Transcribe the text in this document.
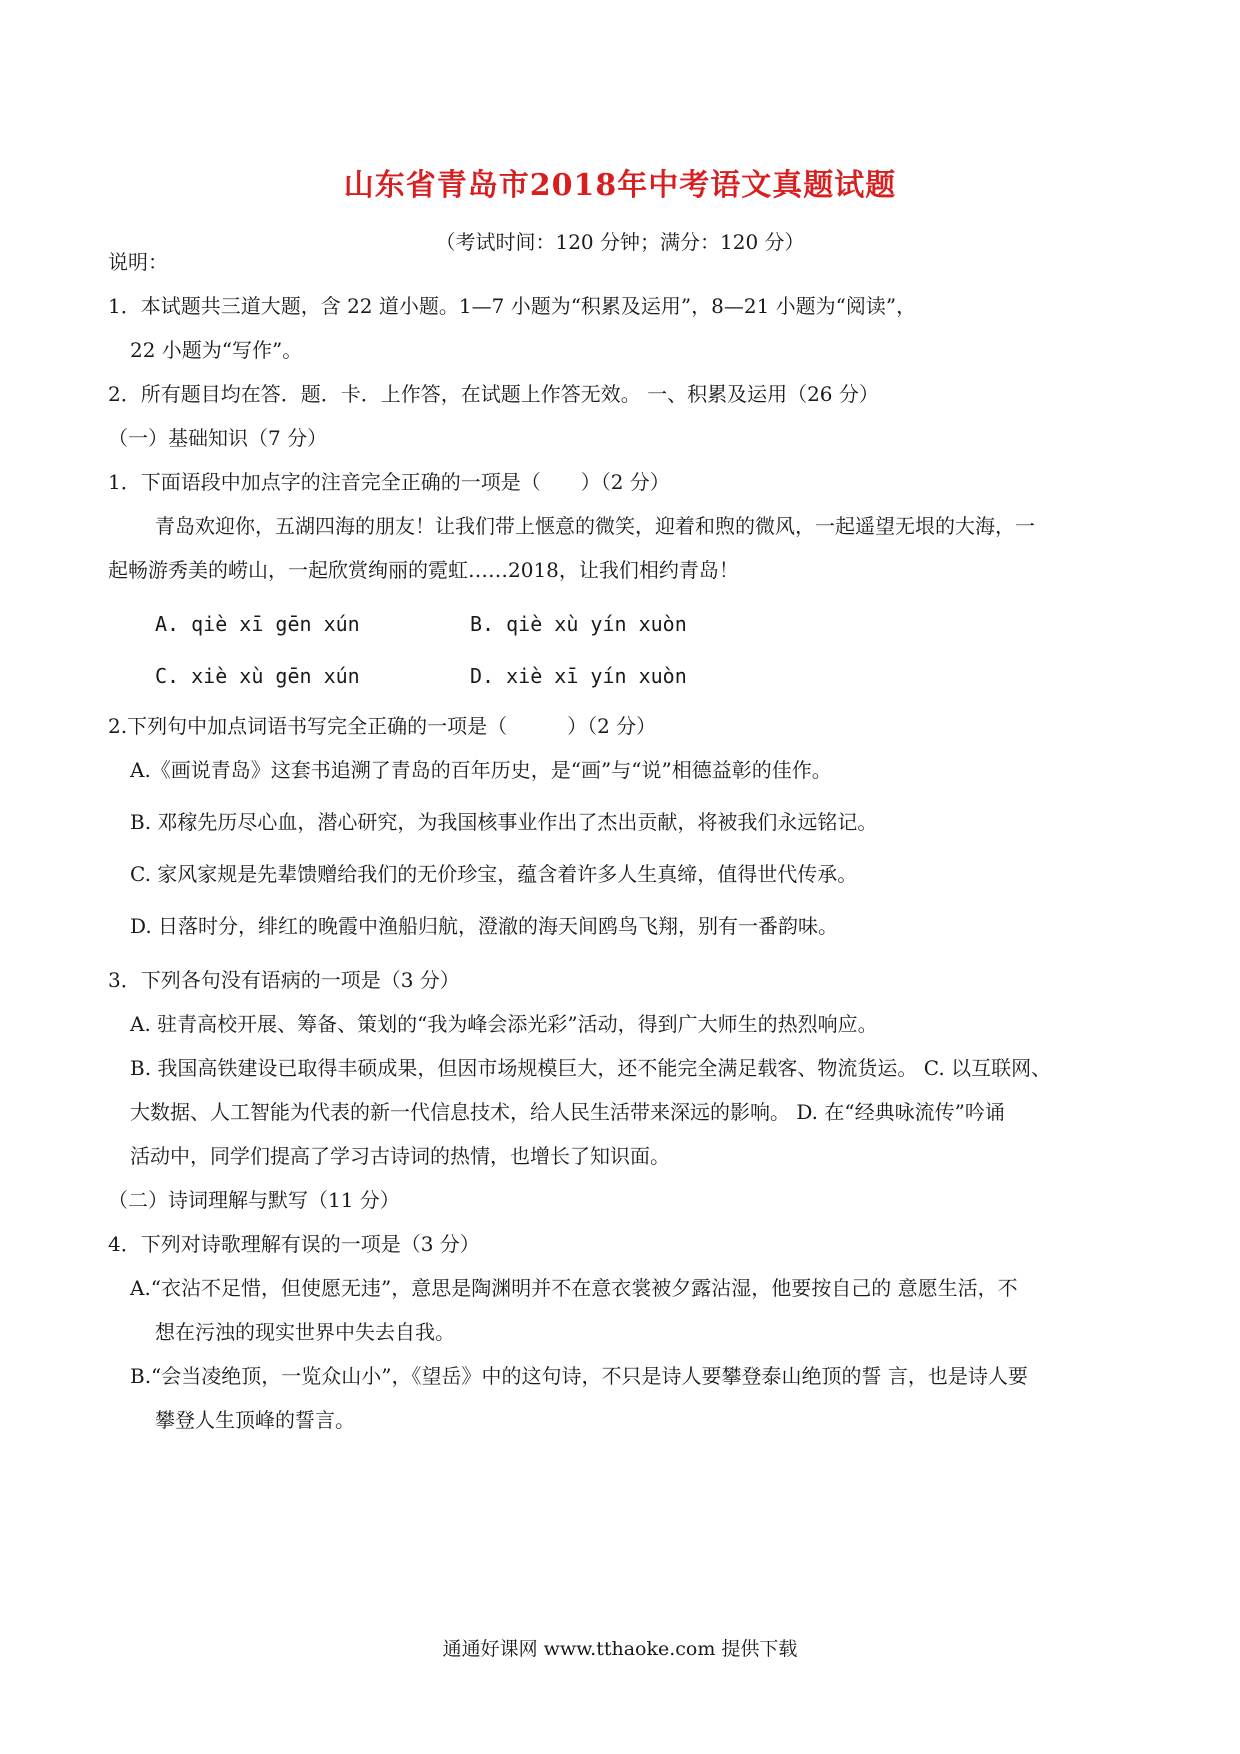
山东省青岛市2018年中考语文真题试题
（考试时间：120 分钟；满分：120 分）
说明：
1．本试题共三道大题，含 22 道小题。1—7 小题为“积累及运用”，8—21 小题为“阅读”，
22 小题为“写作”。
2．所有题目均在答．题．卡．上作答，在试题上作答无效。 一、积累及运用（26 分）
（一）基础知识（7 分）
1．下面语段中加点字的注音完全正确的一项是（　　）（2 分）
青岛欢迎你，五湖四海的朋友！让我们带上惬意的微笑，迎着和煦的微风，一起遥望无垠的大海，一
起畅游秀美的崂山，一起欣赏绚丽的霓虹……2018，让我们相约青岛！
A. qiè xī gēn xún	B. qiè xù yín xuòn
C. xiè xù gēn xún	D. xiè xī yín xuòn
2.下列句中加点词语书写完全正确的一项是（　　　）（2 分）
A.《画说青岛》这套书追溯了青岛的百年历史，是“画”与“说”相德益彰的佳作。
B. 邓稼先历尽心血，潜心研究，为我国核事业作出了杰出贡献，将被我们永远铭记。
C. 家风家规是先辈馈赠给我们的无价珍宝，蕴含着许多人生真缔，值得世代传承。
D. 日落时分，绯红的晚霞中渔船归航，澄澈的海天间鸥鸟飞翔，别有一番韵味。
3．下列各句没有语病的一项是（3 分）
A. 驻青高校开展、筹备、策划的“我为峰会添光彩”活动，得到广大师生的热烈响应。
B. 我国高铁建设已取得丰硕成果，但因市场规模巨大，还不能完全满足载客、物流货运。 C. 以互联网、
大数据、人工智能为代表的新一代信息技术，给人民生活带来深远的影响。 D. 在“经典咏流传”吟诵
活动中，同学们提高了学习古诗词的热情，也增长了知识面。
（二）诗词理解与默写（11 分）
4．下列对诗歌理解有误的一项是（3 分）
A.“衣沾不足惜，但使愿无违”，意思是陶渊明并不在意衣裳被夕露沾湿，他要按自己的 意愿生活，不
想在污浊的现实世界中失去自我。
B.“会当凌绝顶，一览众山小”，《望岳》中的这句诗，不只是诗人要攀登泰山绝顶的誓 言，也是诗人要
攀登人生顶峰的誓言。
通通好课网 www.tthaoke.com 提供下载
